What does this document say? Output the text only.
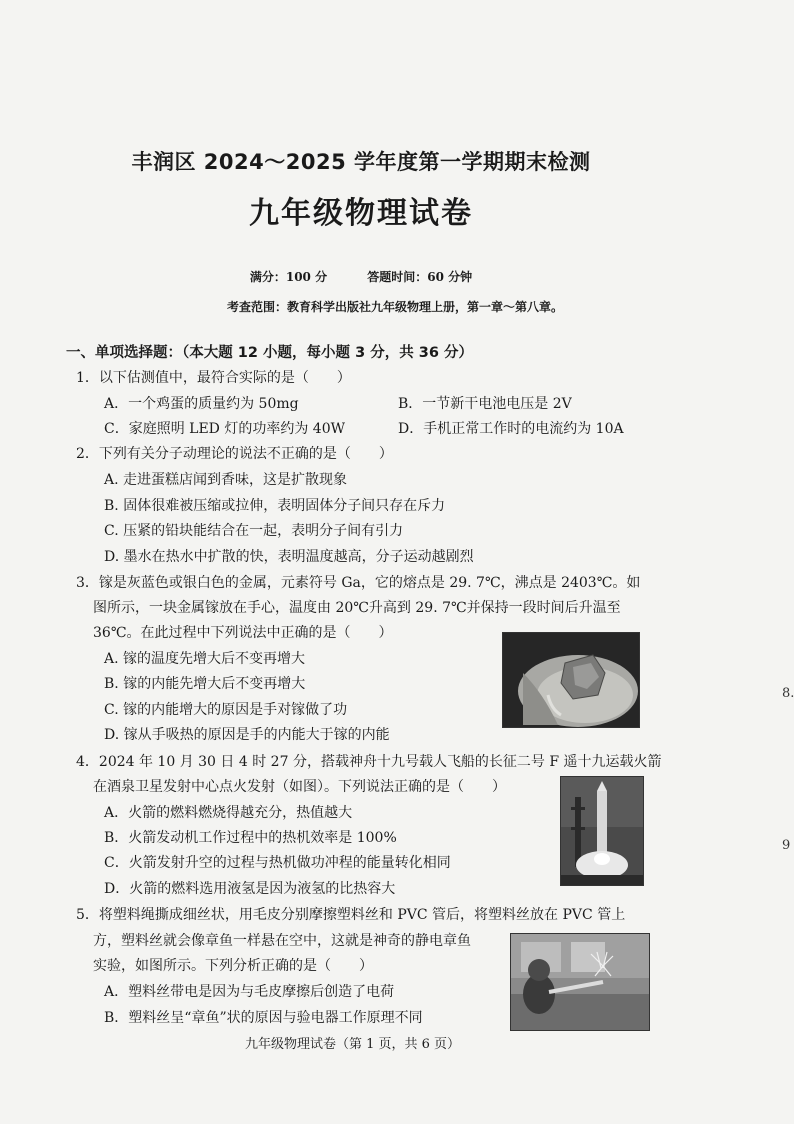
丰润区 2024～2025 学年度第一学期期末检测
九年级物理试卷
满分：100 分	答题时间：60 分钟
考查范围：教育科学出版社九年级物理上册，第一章～第八章。
一、单项选择题：（本大题 12 小题，每小题 3 分，共 36 分）
1．以下估测值中，最符合实际的是（　　）
A．一个鸡蛋的质量约为 50mg	B．一节新干电池电压是 2V
C．家庭照明 LED 灯的功率约为 40W	D．手机正常工作时的电流约为 10A
2．下列有关分子动理论的说法不正确的是（　　）
A. 走进蛋糕店闻到香味，这是扩散现象
B. 固体很难被压缩或拉伸，表明固体分子间只存在斥力
C. 压紧的铅块能结合在一起，表明分子间有引力
D. 墨水在热水中扩散的快，表明温度越高，分子运动越剧烈
3．镓是灰蓝色或银白色的金属，元素符号 Ga，它的熔点是 29. 7℃，沸点是 2403℃。如
图所示，一块金属镓放在手心，温度由 20℃升高到 29. 7℃并保持一段时间后升温至
36℃。在此过程中下列说法中正确的是（　　）
A. 镓的温度先增大后不变再增大
B. 镓的内能先增大后不变再增大
C. 镓的内能增大的原因是手对镓做了功
D. 镓从手吸热的原因是手的内能大于镓的内能
4．2024 年 10 月 30 日 4 时 27 分，搭载神舟十九号载人飞船的长征二号 F 遥十九运载火箭
在酒泉卫星发射中心点火发射（如图）。下列说法正确的是（　　）
A．火箭的燃料燃烧得越充分，热值越大
B．火箭发动机工作过程中的热机效率是 100%
C．火箭发射升空的过程与热机做功冲程的能量转化相同
D．火箭的燃料选用液氢是因为液氢的比热容大
5．将塑料绳撕成细丝状，用毛皮分别摩擦塑料丝和 PVC 管后，将塑料丝放在 PVC 管上
方，塑料丝就会像章鱼一样悬在空中，这就是神奇的静电章鱼
实验，如图所示。下列分析正确的是（　　）
A．塑料丝带电是因为与毛皮摩擦后创造了电荷
B．塑料丝呈“章鱼”状的原因与验电器工作原理不同
九年级物理试卷（第 1 页，共 6 页）
8.
9
